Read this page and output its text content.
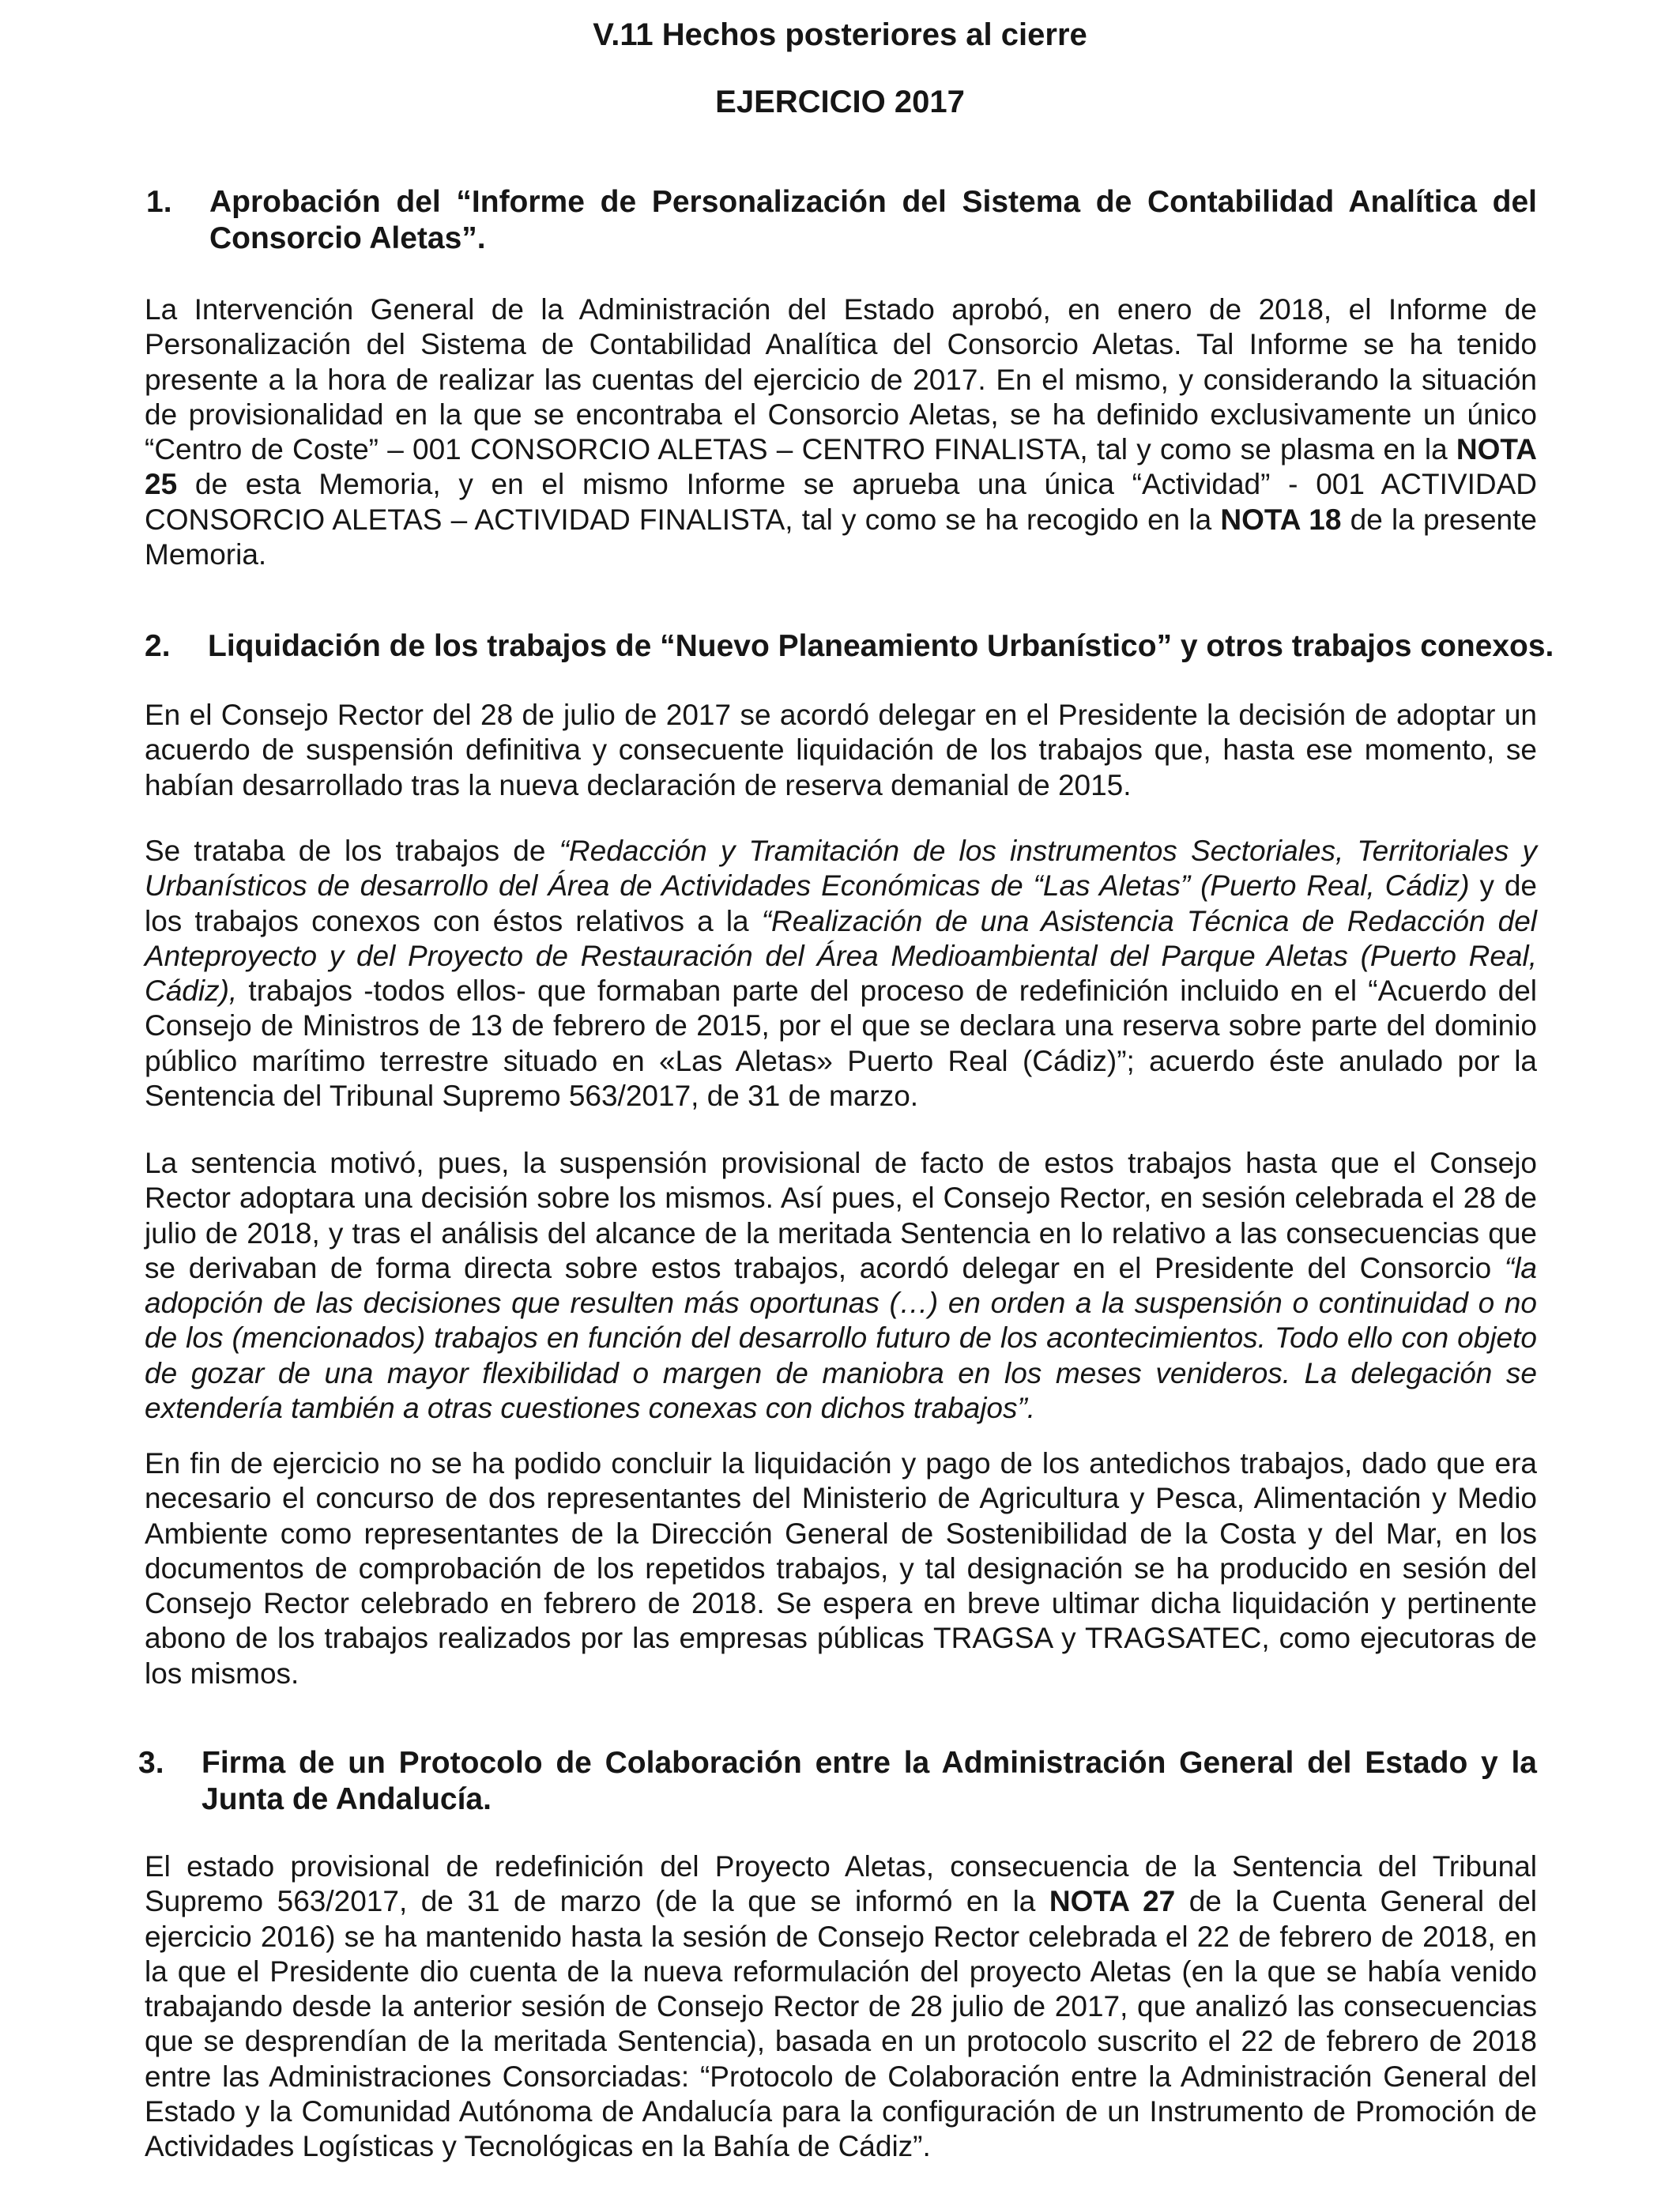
V.11 Hechos posteriores al cierre
EJERCICIO 2017
1. Aprobación del “Informe de Personalización del Sistema de Contabilidad Analítica del Consorcio Aletas”.
La Intervención General de la Administración del Estado aprobó, en enero de 2018, el Informe de Personalización del Sistema de Contabilidad Analítica del Consorcio Aletas. Tal Informe se ha tenido presente a la hora de realizar las cuentas del ejercicio de 2017. En el mismo, y considerando la situación de provisionalidad en la que se encontraba el Consorcio Aletas, se ha definido exclusivamente un único “Centro de Coste” – 001 CONSORCIO ALETAS – CENTRO FINALISTA, tal y como se plasma en la NOTA 25 de esta Memoria, y en el mismo Informe se aprueba una única “Actividad” - 001 ACTIVIDAD CONSORCIO ALETAS – ACTIVIDAD FINALISTA, tal y como se ha recogido en la NOTA 18 de la presente Memoria.
2. Liquidación de los trabajos de “Nuevo Planeamiento Urbanístico” y otros trabajos conexos.
En el Consejo Rector del 28 de julio de 2017 se acordó delegar en el Presidente la decisión de adoptar un acuerdo de suspensión definitiva y consecuente liquidación de los trabajos que, hasta ese momento, se habían desarrollado tras la nueva declaración de reserva demanial de 2015.
Se trataba de los trabajos de “Redacción y Tramitación de los instrumentos Sectoriales, Territoriales y Urbanísticos de desarrollo del Área de Actividades Económicas de “Las Aletas” (Puerto Real, Cádiz) y de los trabajos conexos con éstos relativos a la “Realización de una Asistencia Técnica de Redacción del Anteproyecto y del Proyecto de Restauración del Área Medioambiental del Parque Aletas (Puerto Real, Cádiz), trabajos -todos ellos- que formaban parte del proceso de redefinición incluido en el “Acuerdo del Consejo de Ministros de 13 de febrero de 2015, por el que se declara una reserva sobre parte del dominio público marítimo terrestre situado en «Las Aletas» Puerto Real (Cádiz)”; acuerdo éste anulado por la Sentencia del Tribunal Supremo 563/2017, de 31 de marzo.
La sentencia motivó, pues, la suspensión provisional de facto de estos trabajos hasta que el Consejo Rector adoptara una decisión sobre los mismos. Así pues, el Consejo Rector, en sesión celebrada el 28 de julio de 2018, y tras el análisis del alcance de la meritada Sentencia en lo relativo a las consecuencias que se derivaban de forma directa sobre estos trabajos, acordó delegar en el Presidente del Consorcio “la adopción de las decisiones que resulten más oportunas (…) en orden a la suspensión o continuidad o no de los (mencionados) trabajos en función del desarrollo futuro de los acontecimientos. Todo ello con objeto de gozar de una mayor flexibilidad o margen de maniobra en los meses venideros. La delegación se extendería también a otras cuestiones conexas con dichos trabajos”.
En fin de ejercicio no se ha podido concluir la liquidación y pago de los antedichos trabajos, dado que era necesario el concurso de dos representantes del Ministerio de Agricultura y Pesca, Alimentación y Medio Ambiente como representantes de la Dirección General de Sostenibilidad de la Costa y del Mar, en los documentos de comprobación de los repetidos trabajos, y tal designación se ha producido en sesión del Consejo Rector celebrado en febrero de 2018. Se espera en breve ultimar dicha liquidación y pertinente abono de los trabajos realizados por las empresas públicas TRAGSA y TRAGSATEC, como ejecutoras de los mismos.
3. Firma de un Protocolo de Colaboración entre la Administración General del Estado y la Junta de Andalucía.
El estado provisional de redefinición del Proyecto Aletas, consecuencia de la Sentencia del Tribunal Supremo 563/2017, de 31 de marzo (de la que se informó en la NOTA 27 de la Cuenta General del ejercicio 2016) se ha mantenido hasta la sesión de Consejo Rector celebrada el 22 de febrero de 2018, en la que el Presidente dio cuenta de la nueva reformulación del proyecto Aletas (en la que se había venido trabajando desde la anterior sesión de Consejo Rector de 28 julio de 2017, que analizó las consecuencias que se desprendían de la meritada Sentencia), basada en un protocolo suscrito el 22 de febrero de 2018 entre las Administraciones Consorciadas: “Protocolo de Colaboración entre la Administración General del Estado y la Comunidad Autónoma de Andalucía para la configuración de un Instrumento de Promoción de Actividades Logísticas y Tecnológicas en la Bahía de Cádiz”.
